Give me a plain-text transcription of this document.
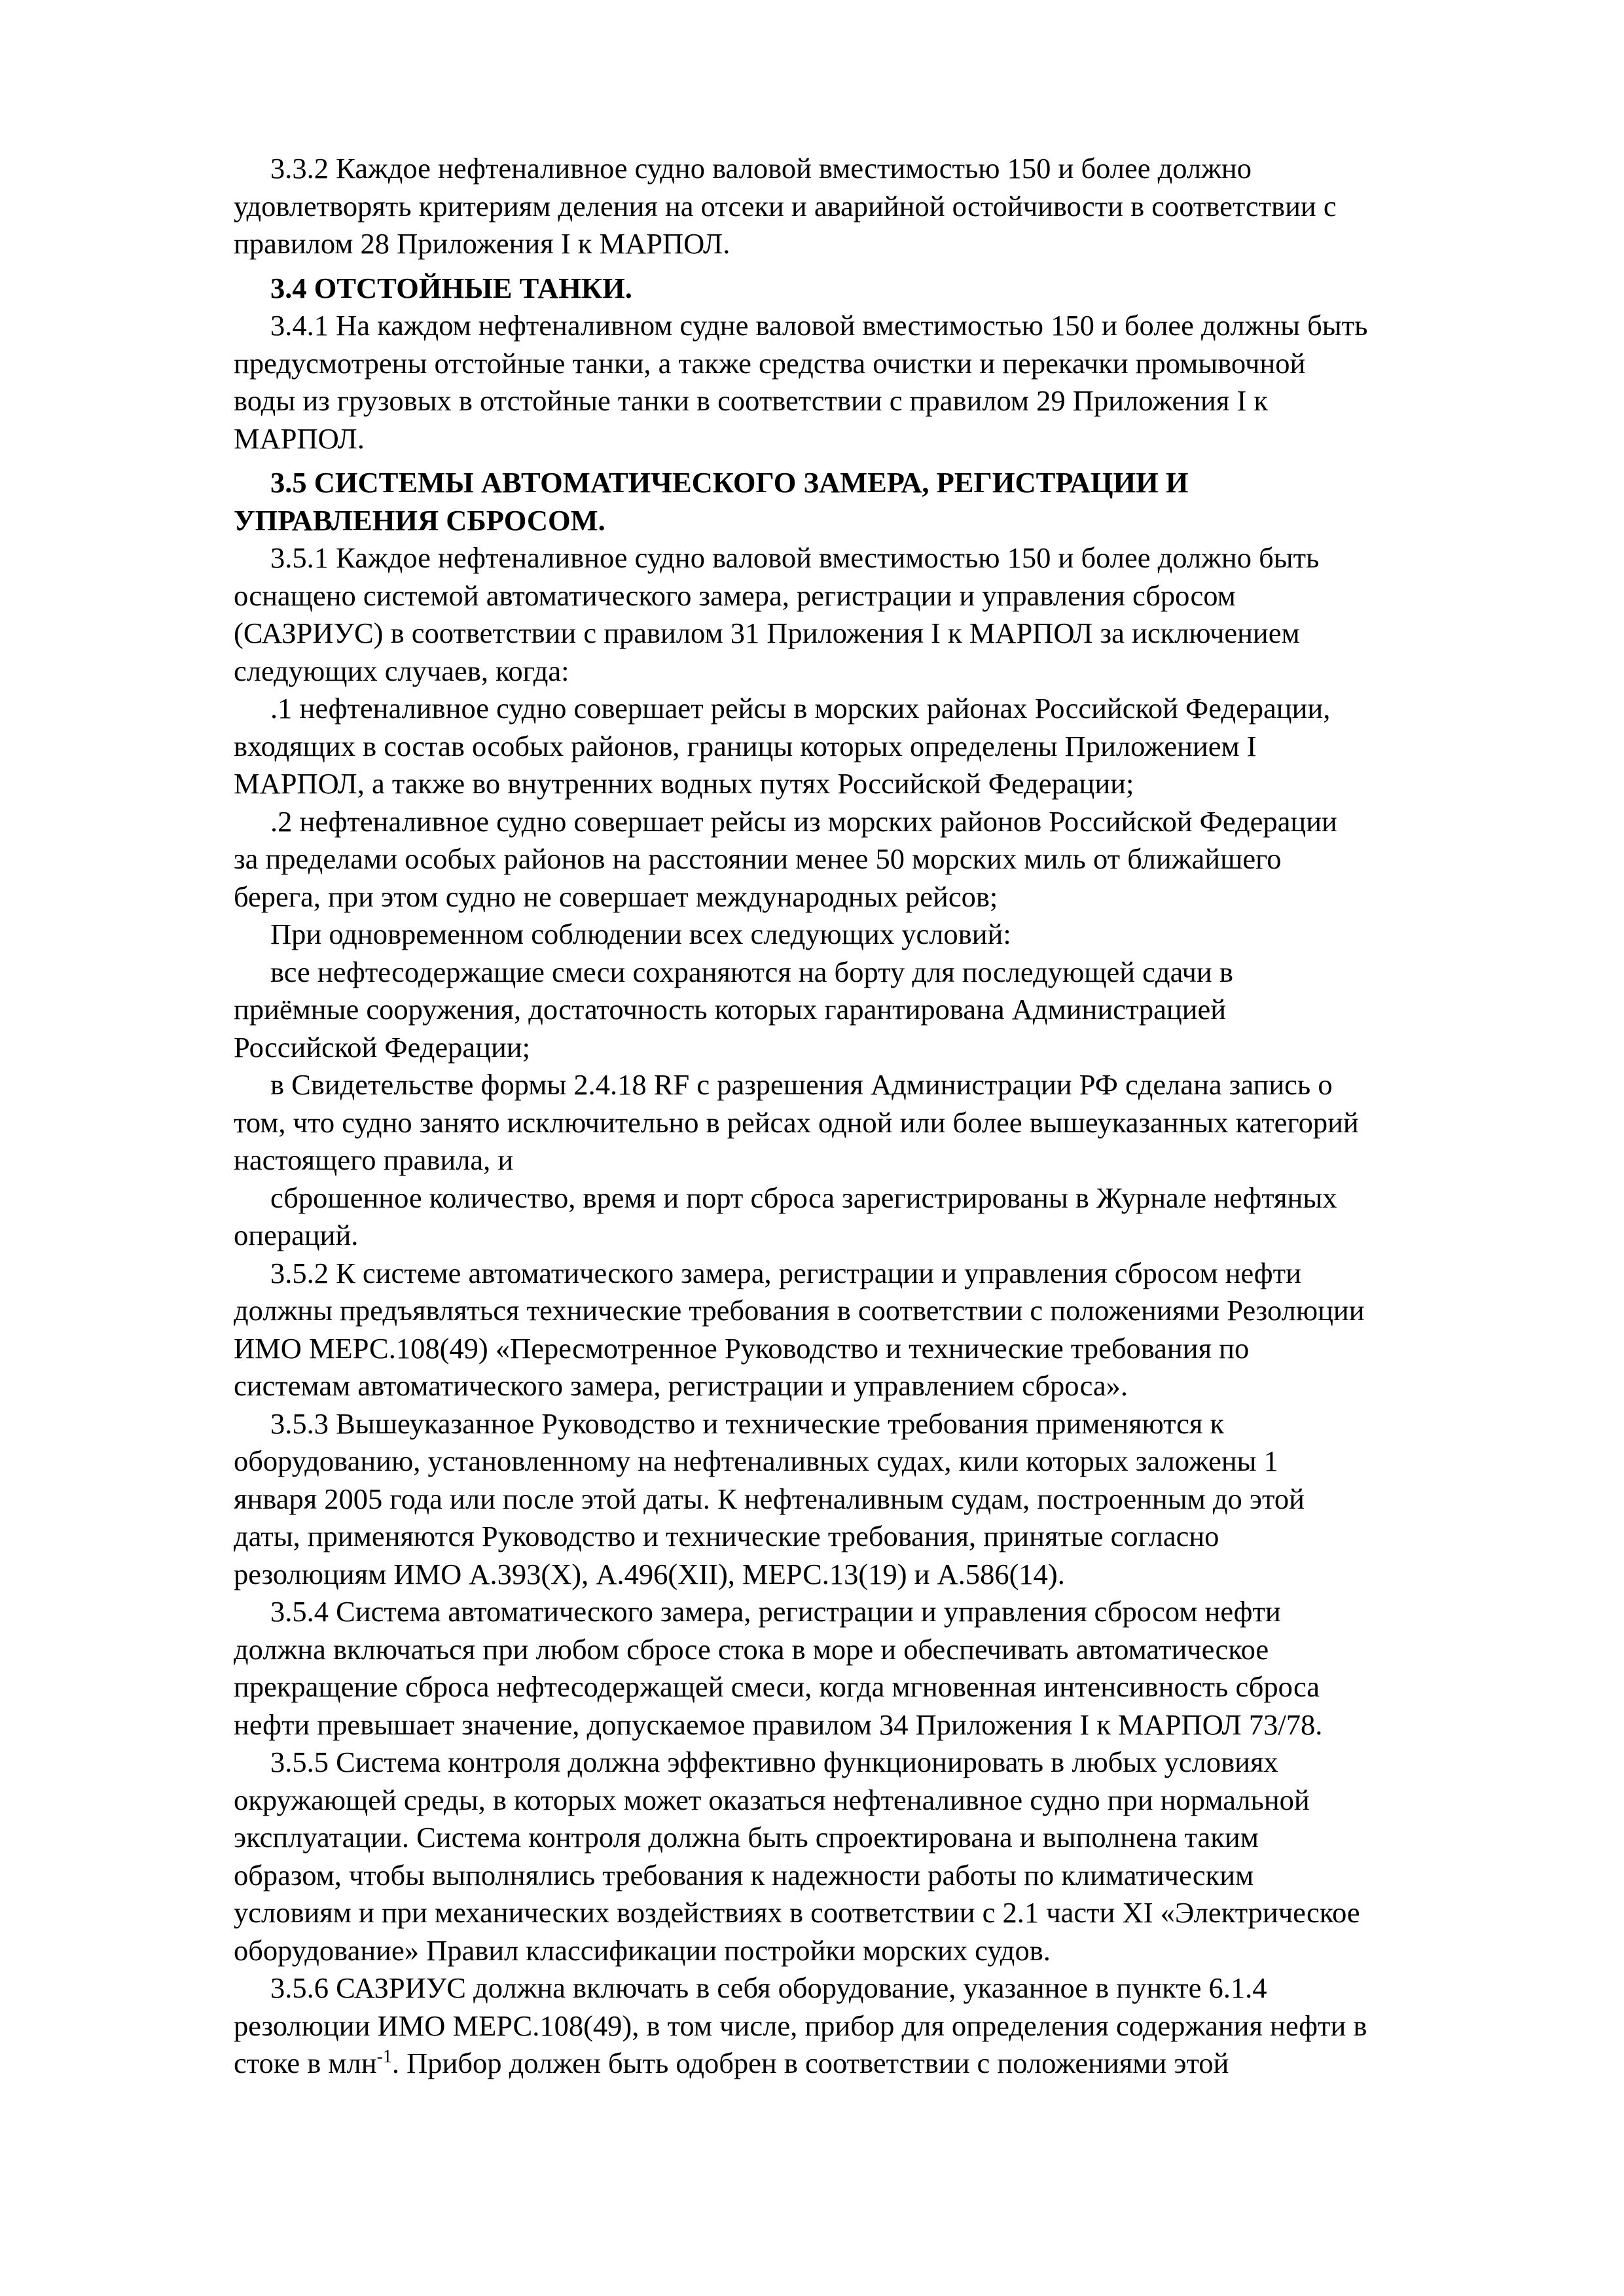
3.3.2 Каждое нефтеналивное судно валовой вместимостью 150 и более должно
удовлетворять критериям деления на отсеки и аварийной остойчивости в соответствии с
правилом 28 Приложения I к МАРПОЛ.
3.4 ОТСТОЙНЫЕ ТАНКИ.
3.4.1 На каждом нефтеналивном судне валовой вместимостью 150 и более должны быть
предусмотрены отстойные танки, а также средства очистки и перекачки промывочной
воды из грузовых в отстойные танки в соответствии с правилом 29 Приложения I к
МАРПОЛ.
3.5 СИСТЕМЫ АВТОМАТИЧЕСКОГО ЗАМЕРА, РЕГИСТРАЦИИ И
УПРАВЛЕНИЯ СБРОСОМ.
3.5.1 Каждое нефтеналивное судно валовой вместимостью 150 и более должно быть
оснащено системой автоматического замера, регистрации и управления сбросом
(САЗРИУС) в соответствии с правилом 31 Приложения I к МАРПОЛ за исключением
следующих случаев, когда:
.1 нефтеналивное судно совершает рейсы в морских районах Российской Федерации,
входящих в состав особых районов, границы которых определены Приложением I
МАРПОЛ, а также во внутренних водных путях Российской Федерации;
.2 нефтеналивное судно совершает рейсы из морских районов Российской Федерации
за пределами особых районов на расстоянии менее 50 морских миль от ближайшего
берега, при этом судно не совершает международных рейсов;
При одновременном соблюдении всех следующих условий:
все нефтесодержащие смеси сохраняются на борту для последующей сдачи в
приёмные сооружения, достаточность которых гарантирована Администрацией
Российской Федерации;
в Свидетельстве формы 2.4.18 RF с разрешения Администрации РФ сделана запись о
том, что судно занято исключительно в рейсах одной или более вышеуказанных категорий
настоящего правила, и
сброшенное количество, время и порт сброса зарегистрированы в Журнале нефтяных
операций.
3.5.2 К системе автоматического замера, регистрации и управления сбросом нефти
должны предъявляться технические требования в соответствии с положениями Резолюции
ИМО МЕРС.108(49) «Пересмотренное Руководство и технические требования по
системам автоматического замера, регистрации и управлением сброса».
3.5.3 Вышеуказанное Руководство и технические требования применяются к
оборудованию, установленному на нефтеналивных судах, кили которых заложены 1
января 2005 года или после этой даты. К нефтеналивным судам, построенным до этой
даты, применяются Руководство и технические требования, принятые согласно
резолюциям ИМО А.393(X), А.496(XII), МЕРС.13(19) и А.586(14).
3.5.4 Система автоматического замера, регистрации и управления сбросом нефти
должна включаться при любом сбросе стока в море и обеспечивать автоматическое
прекращение сброса нефтесодержащей смеси, когда мгновенная интенсивность сброса
нефти превышает значение, допускаемое правилом 34 Приложения I к МАРПОЛ 73/78.
3.5.5 Система контроля должна эффективно функционировать в любых условиях
окружающей среды, в которых может оказаться нефтеналивное судно при нормальной
эксплуатации. Система контроля должна быть спроектирована и выполнена таким
образом, чтобы выполнялись требования к надежности работы по климатическим
условиям и при механических воздействиях в соответствии с 2.1 части XI «Электрическое
оборудование» Правил классификации постройки морских судов.
3.5.6 САЗРИУС должна включать в себя оборудование, указанное в пункте 6.1.4
резолюции ИМО МЕРС.108(49), в том числе, прибор для определения содержания нефти в
стоке в млн$^{-1}$. Прибор должен быть одобрен в соответствии с положениями этой
